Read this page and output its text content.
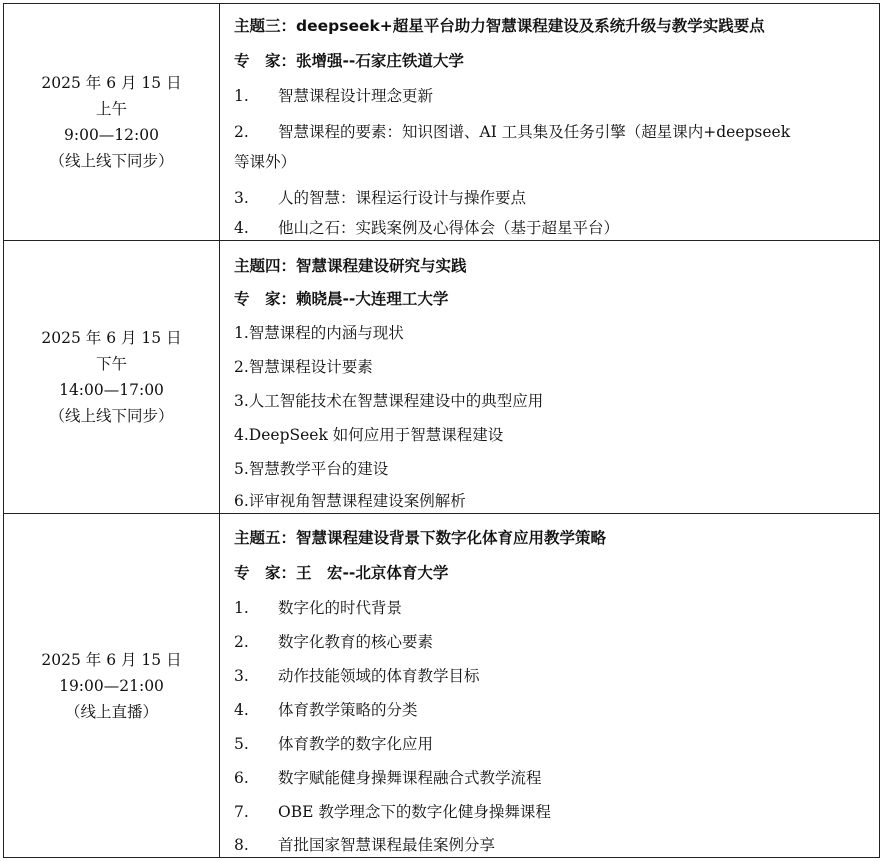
2025 年 6 月 15 日
上午
9:00—12:00
（线上线下同步）
主题三：deepseek+超星平台助力智慧课程建设及系统升级与教学实践要点
专　家：张增强--石家庄铁道大学
1. 智慧课程设计理念更新
2. 智慧课程的要素：知识图谱、AI 工具集及任务引擎（超星课内+deepseek
等课外）
3. 人的智慧：课程运行设计与操作要点
4. 他山之石：实践案例及心得体会（基于超星平台）
2025 年 6 月 15 日
下午
14:00—17:00
（线上线下同步）
主题四：智慧课程建设研究与实践
专　家：赖晓晨--大连理工大学
1.智慧课程的内涵与现状
2.智慧课程设计要素
3.人工智能技术在智慧课程建设中的典型应用
4.DeepSeek 如何应用于智慧课程建设
5.智慧教学平台的建设
6.评审视角智慧课程建设案例解析
2025 年 6 月 15 日
19:00—21:00
（线上直播）
主题五：智慧课程建设背景下数字化体育应用教学策略
专　家：王　宏--北京体育大学
1. 数字化的时代背景
2. 数字化教育的核心要素
3. 动作技能领域的体育教学目标
4. 体育教学策略的分类
5. 体育教学的数字化应用
6. 数字赋能健身操舞课程融合式教学流程
7. OBE 教学理念下的数字化健身操舞课程
8. 首批国家智慧课程最佳案例分享
